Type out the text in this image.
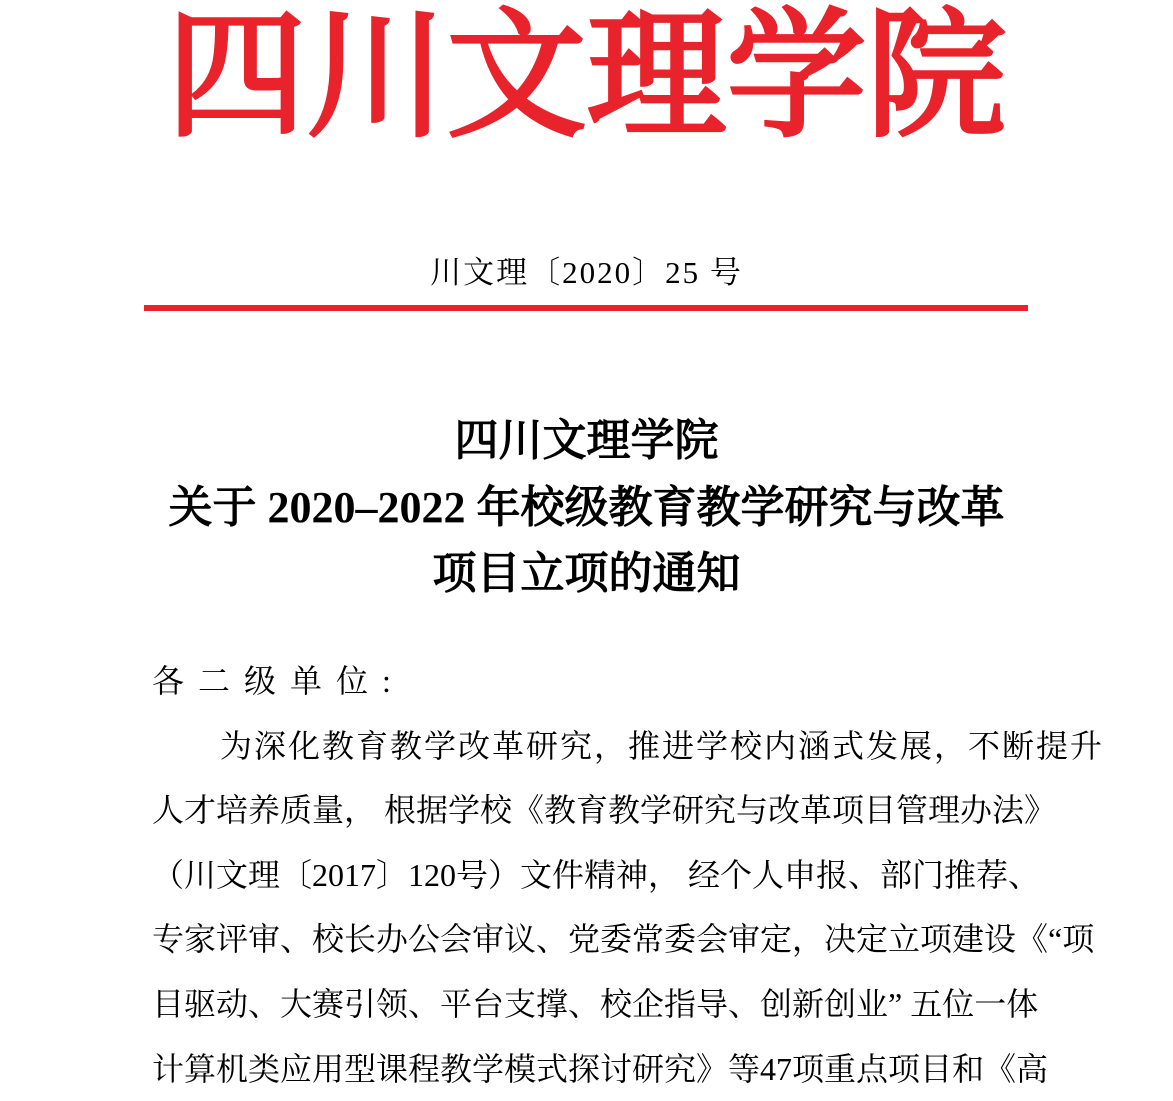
四川文理学院
川文理〔2020〕25 号
四川文理学院
关于 2020–2022 年校级教育教学研究与改革
项目立项的通知
各二级单位:
为深化教育教学改革研究，推进学校内涵式发展，不断提升
人才培养质量， 根据学校《教育教学研究与改革项目管理办法》
（川文理〔2017〕120号）文件精神， 经个人申报、部门推荐、
专家评审、校长办公会审议、党委常委会审定，决定立项建设《“项
目驱动、大赛引领、平台支撑、校企指导、创新创业” 五位一体
计算机类应用型课程教学模式探讨研究》等47项重点项目和《高
